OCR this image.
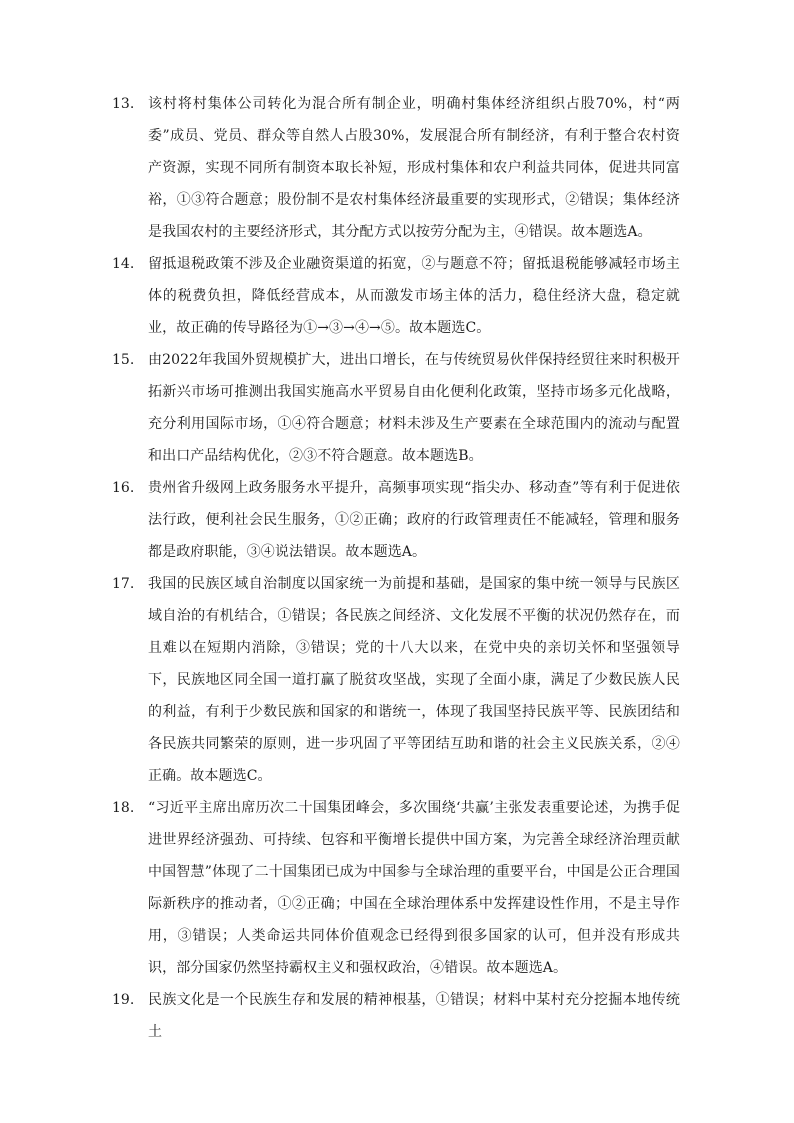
13. 该村将村集体公司转化为混合所有制企业，明确村集体经济组织占股70%，村“两委”成员、党员、群众等自然人占股30%，发展混合所有制经济，有利于整合农村资产资源，实现不同所有制资本取长补短，形成村集体和农户利益共同体，促进共同富裕，①③符合题意；股份制不是农村集体经济最重要的实现形式，②错误；集体经济是我国农村的主要经济形式，其分配方式以按劳分配为主，④错误。故本题选A。
14. 留抵退税政策不涉及企业融资渠道的拓宽，②与题意不符；留抵退税能够减轻市场主体的税费负担，降低经营成本，从而激发市场主体的活力，稳住经济大盘，稳定就业，故正确的传导路径为①→③→④→⑤。故本题选C。
15. 由2022年我国外贸规模扩大，进出口增长，在与传统贸易伙伴保持经贸往来时积极开拓新兴市场可推测出我国实施高水平贸易自由化便利化政策，坚持市场多元化战略，充分利用国际市场，①④符合题意；材料未涉及生产要素在全球范围内的流动与配置和出口产品结构优化，②③不符合题意。故本题选B。
16. 贵州省升级网上政务服务水平提升，高频事项实现“指尖办、移动查”等有利于促进依法行政，便利社会民生服务，①②正确；政府的行政管理责任不能减轻，管理和服务都是政府职能，③④说法错误。故本题选A。
17. 我国的民族区域自治制度以国家统一为前提和基础，是国家的集中统一领导与民族区域自治的有机结合，①错误；各民族之间经济、文化发展不平衡的状况仍然存在，而且难以在短期内消除，③错误；党的十八大以来，在党中央的亲切关怀和坚强领导下，民族地区同全国一道打赢了脱贫攻坚战，实现了全面小康，满足了少数民族人民的利益，有利于少数民族和国家的和谐统一，体现了我国坚持民族平等、民族团结和各民族共同繁荣的原则，进一步巩固了平等团结互助和谐的社会主义民族关系，②④正确。故本题选C。
18. “习近平主席出席历次二十国集团峰会，多次围绕‘共赢’主张发表重要论述，为携手促进世界经济强劲、可持续、包容和平衡增长提供中国方案，为完善全球经济治理贡献中国智慧”体现了二十国集团已成为中国参与全球治理的重要平台，中国是公正合理国际新秩序的推动者，①②正确；中国在全球治理体系中发挥建设性作用，不是主导作用，③错误；人类命运共同体价值观念已经得到很多国家的认可，但并没有形成共识，部分国家仍然坚持霸权主义和强权政治，④错误。故本题选A。
19. 民族文化是一个民族生存和发展的精神根基，①错误；材料中某村充分挖掘本地传统土
